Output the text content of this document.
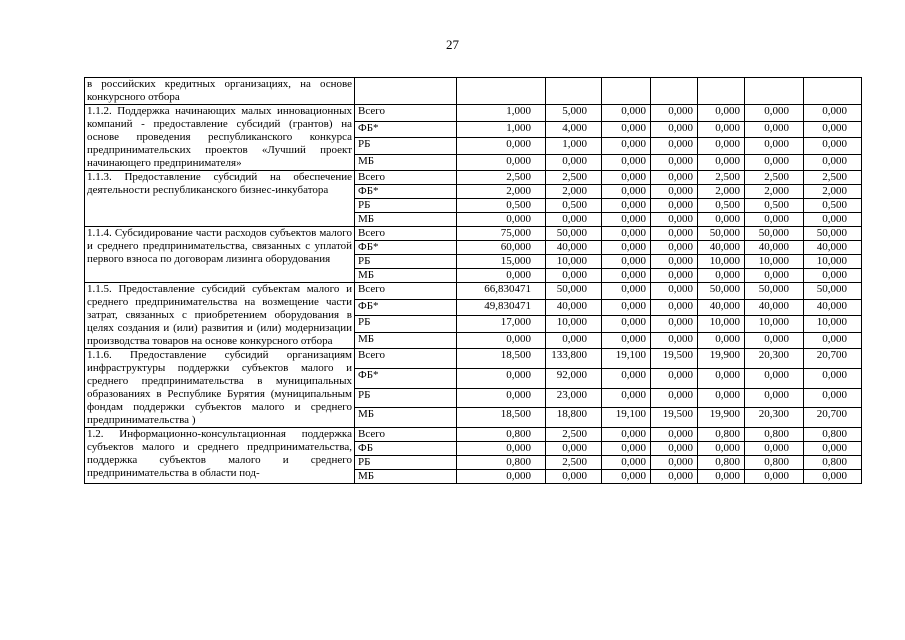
27
в российских кредитных организациях, на основе конкурсного отбора								
1.1.2. Поддержка начинающих малых инновационных компаний - предоставление субсидий (грантов) на основе проведения республиканского конкурса предпринимательских проектов «Лучший проект начинающего предпринимателя»	Всего	1,000	5,000	0,000	0,000	0,000	0,000	0,000
	ФБ*	1,000	4,000	0,000	0,000	0,000	0,000	0,000
	РБ	0,000	1,000	0,000	0,000	0,000	0,000	0,000
	МБ	0,000	0,000	0,000	0,000	0,000	0,000	0,000
1.1.3. Предоставление субсидий на обеспечение деятельности республиканского бизнес-инкубатора	Всего	2,500	2,500	0,000	0,000	2,500	2,500	2,500
	ФБ*	2,000	2,000	0,000	0,000	2,000	2,000	2,000
	РБ	0,500	0,500	0,000	0,000	0,500	0,500	0,500
	МБ	0,000	0,000	0,000	0,000	0,000	0,000	0,000
1.1.4. Субсидирование части расходов субъектов малого и среднего предпринимательства, связанных с уплатой первого взноса по договорам лизинга оборудования	Всего	75,000	50,000	0,000	0,000	50,000	50,000	50,000
	ФБ*	60,000	40,000	0,000	0,000	40,000	40,000	40,000
	РБ	15,000	10,000	0,000	0,000	10,000	10,000	10,000
	МБ	0,000	0,000	0,000	0,000	0,000	0,000	0,000
1.1.5. Предоставление субсидий субъектам малого и среднего предпринимательства на возмещение части затрат, связанных с приобретением оборудования в целях создания и (или) развития и (или) модернизации производства товаров на основе конкурсного отбора	Всего	66,830471	50,000	0,000	0,000	50,000	50,000	50,000
	ФБ*	49,830471	40,000	0,000	0,000	40,000	40,000	40,000
	РБ	17,000	10,000	0,000	0,000	10,000	10,000	10,000
	МБ	0,000	0,000	0,000	0,000	0,000	0,000	0,000
1.1.6. Предоставление субсидий организациям инфраструктуры поддержки субъектов малого и среднего предпринимательства в муниципальных образованиях в Республике Бурятия (муниципальным фондам поддержки субъектов малого и среднего предпринимательства )	Всего	18,500	133,800	19,100	19,500	19,900	20,300	20,700
	ФБ*	0,000	92,000	0,000	0,000	0,000	0,000	0,000
	РБ	0,000	23,000	0,000	0,000	0,000	0,000	0,000
	МБ	18,500	18,800	19,100	19,500	19,900	20,300	20,700
1.2. Информационно-консультационная поддержка субъектов малого и среднего предпринимательства, поддержка субъектов малого и среднего предпринимательства в области под-	Всего	0,800	2,500	0,000	0,000	0,800	0,800	0,800
	ФБ	0,000	0,000	0,000	0,000	0,000	0,000	0,000
	РБ	0,800	2,500	0,000	0,000	0,800	0,800	0,800
	МБ	0,000	0,000	0,000	0,000	0,000	0,000	0,000
